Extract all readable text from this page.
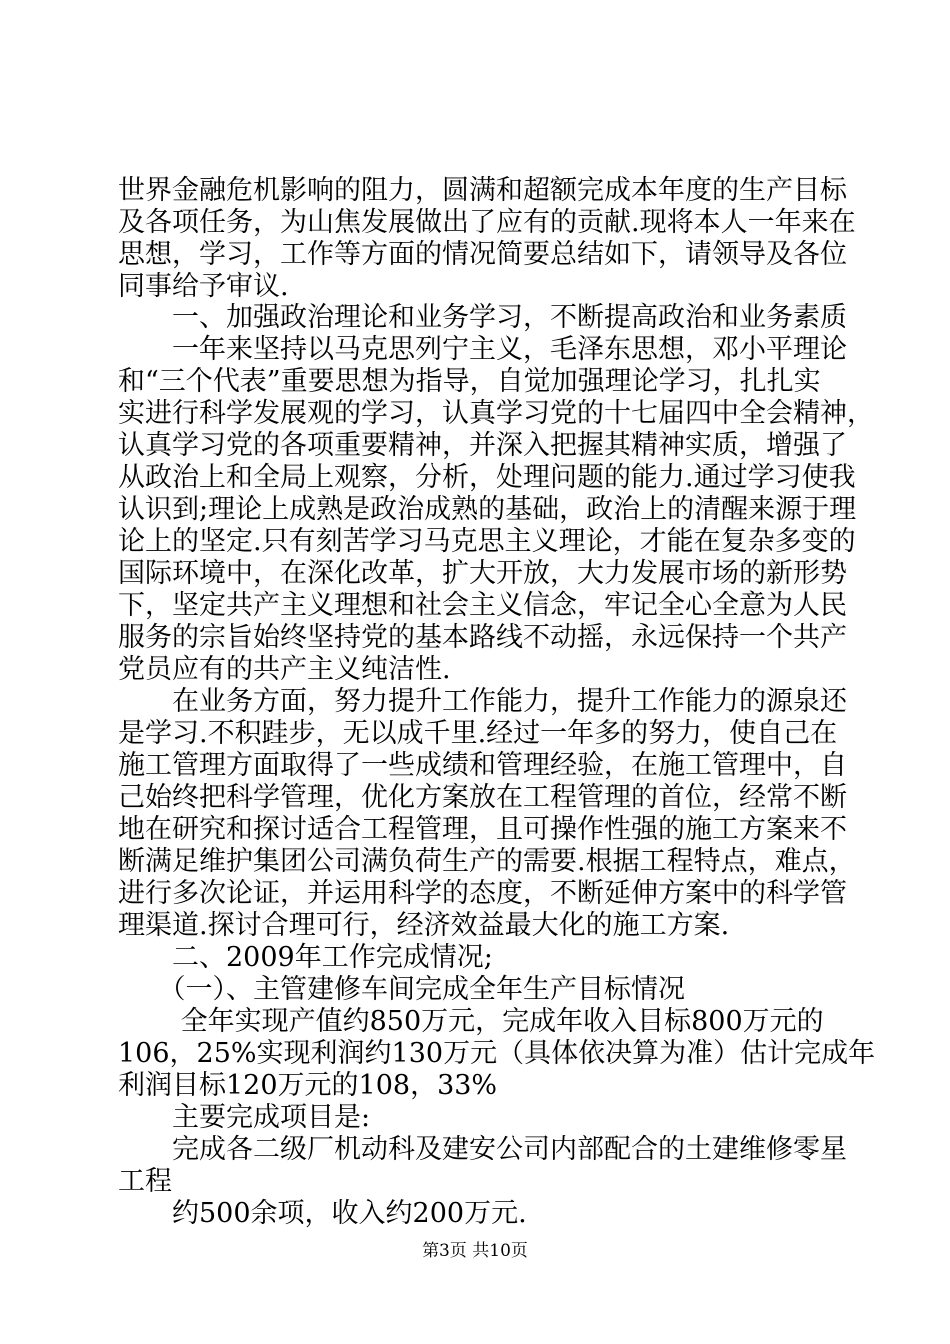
世界金融危机影响的阻力，圆满和超额完成本年度的生产目标
及各项任务，为山焦发展做出了应有的贡献.现将本人一年来在
思想，学习，工作等方面的情况简要总结如下，请领导及各位
同事给予审议.
　　一、加强政治理论和业务学习，不断提高政治和业务素质
　　一年来坚持以马克思列宁主义，毛泽东思想，邓小平理论
和“三个代表”重要思想为指导，自觉加强理论学习，扎扎实
实进行科学发展观的学习，认真学习党的十七届四中全会精神，
认真学习党的各项重要精神，并深入把握其精神实质，增强了
从政治上和全局上观察，分析，处理问题的能力.通过学习使我
认识到;理论上成熟是政治成熟的基础，政治上的清醒来源于理
论上的坚定.只有刻苦学习马克思主义理论，才能在复杂多变的
国际环境中，在深化改革，扩大开放，大力发展市场的新形势
下，坚定共产主义理想和社会主义信念，牢记全心全意为人民
服务的宗旨始终坚持党的基本路线不动摇，永远保持一个共产
党员应有的共产主义纯洁性.
　　在业务方面，努力提升工作能力，提升工作能力的源泉还
是学习.不积跬步，无以成千里.经过一年多的努力，使自己在
施工管理方面取得了一些成绩和管理经验，在施工管理中，自
己始终把科学管理，优化方案放在工程管理的首位，经常不断
地在研究和探讨适合工程管理，且可操作性强的施工方案来不
断满足维护集团公司满负荷生产的需要.根据工程特点，难点，
进行多次论证，并运用科学的态度，不断延伸方案中的科学管
理渠道.探讨合理可行，经济效益最大化的施工方案.
　　二、2009年工作完成情况;
　　（一）、主管建修车间完成全年生产目标情况
　　 全年实现产值约850万元，完成年收入目标800万元的
106，25%实现利润约130万元（具体依决算为准）估计完成年
利润目标120万元的108，33%
　　主要完成项目是:
　　完成各二级厂机动科及建安公司内部配合的土建维修零星
工程
　　约500余项，收入约200万元.
第3页 共10页
